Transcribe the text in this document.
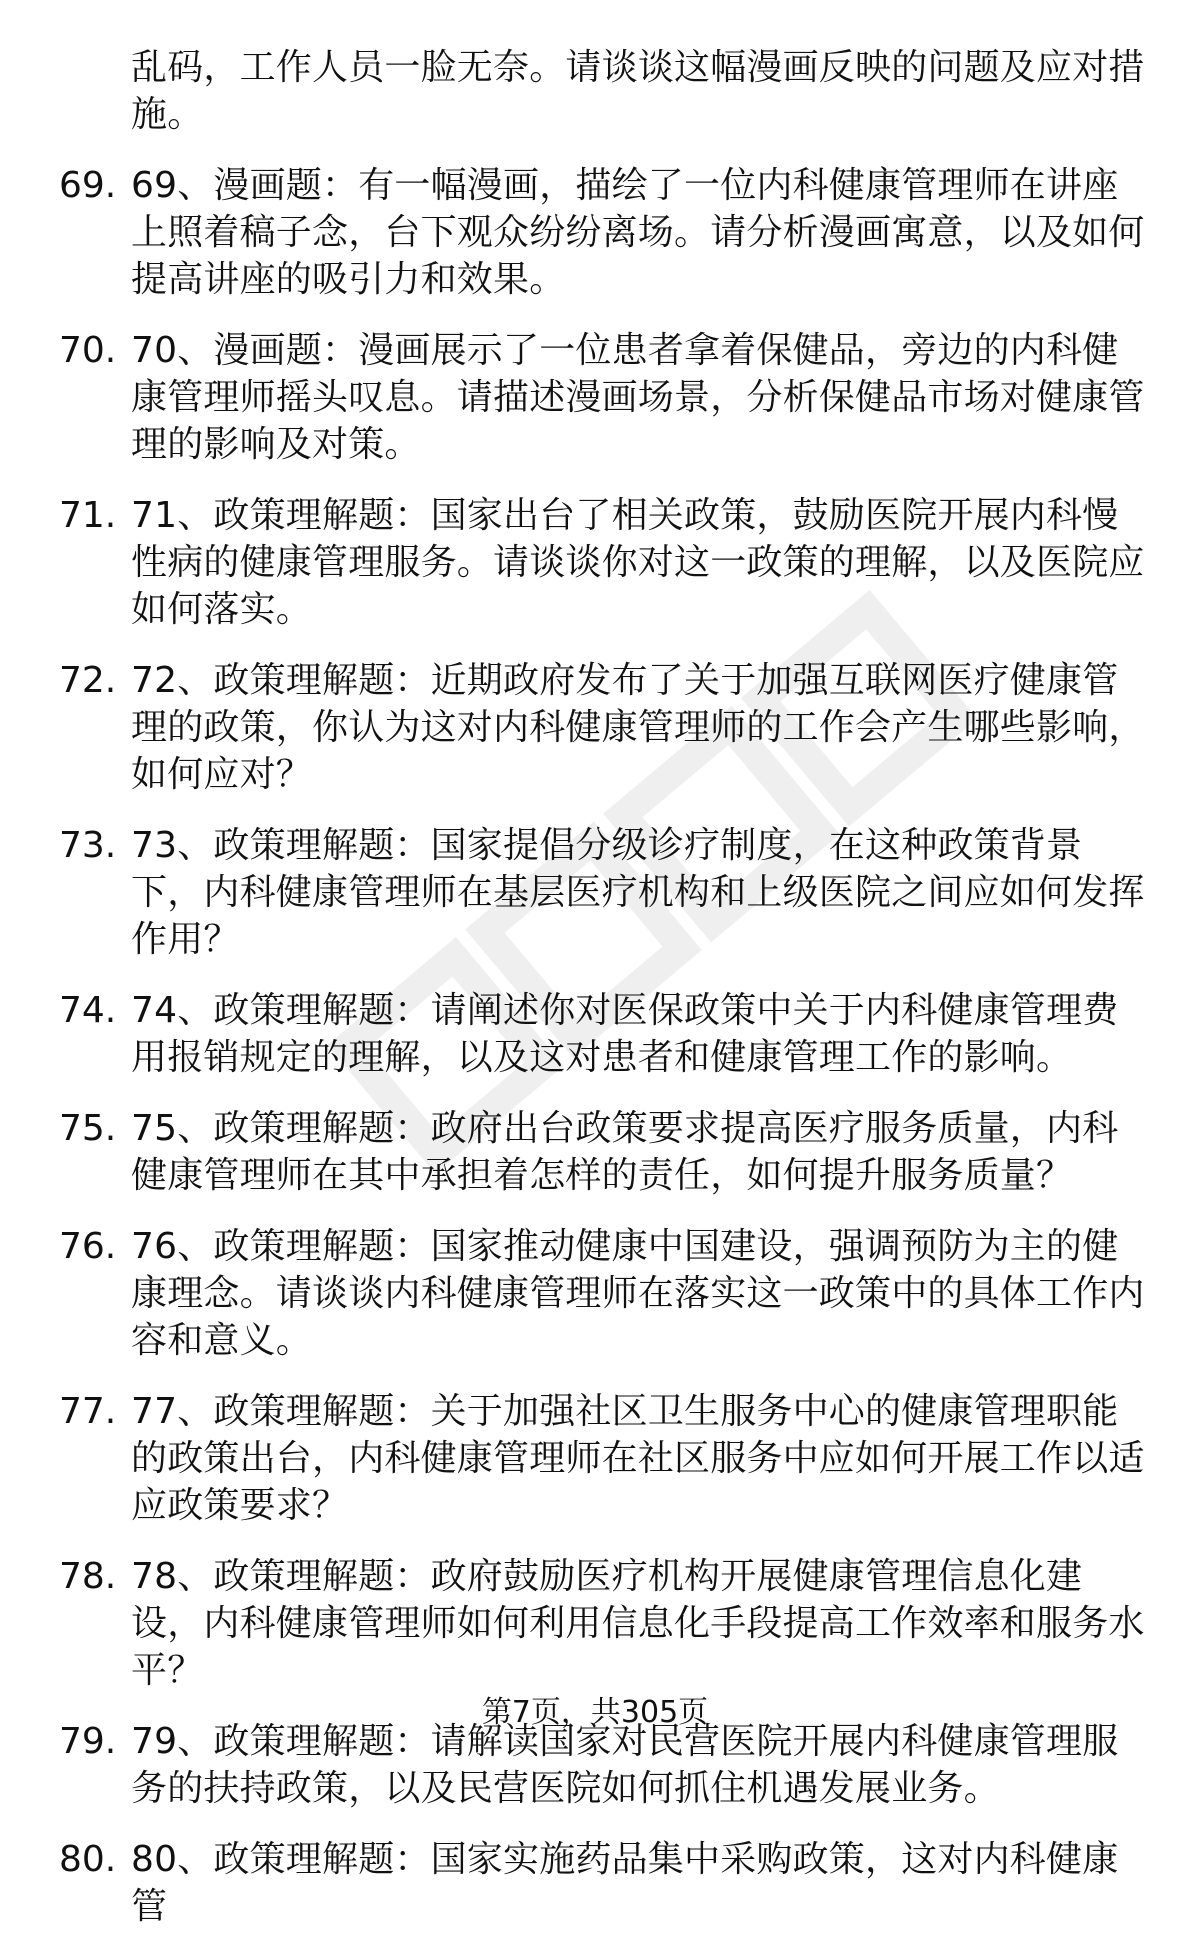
乱码，工作人员一脸无奈。请谈谈这幅漫画反映的问题及应对措施。
69. 69、漫画题：有一幅漫画，描绘了一位内科健康管理师在讲座上照着稿子念，台下观众纷纷离场。请分析漫画寓意，以及如何提高讲座的吸引力和效果。
70. 70、漫画题：漫画展示了一位患者拿着保健品，旁边的内科健康管理师摇头叹息。请描述漫画场景，分析保健品市场对健康管理的影响及对策。
71. 71、政策理解题：国家出台了相关政策，鼓励医院开展内科慢性病的健康管理服务。请谈谈你对这一政策的理解，以及医院应如何落实。
72. 72、政策理解题：近期政府发布了关于加强互联网医疗健康管理的政策，你认为这对内科健康管理师的工作会产生哪些影响，如何应对？
73. 73、政策理解题：国家提倡分级诊疗制度，在这种政策背景下，内科健康管理师在基层医疗机构和上级医院之间应如何发挥作用？
74. 74、政策理解题：请阐述你对医保政策中关于内科健康管理费用报销规定的理解，以及这对患者和健康管理工作的影响。
75. 75、政策理解题：政府出台政策要求提高医疗服务质量，内科健康管理师在其中承担着怎样的责任，如何提升服务质量？
76. 76、政策理解题：国家推动健康中国建设，强调预防为主的健康理念。请谈谈内科健康管理师在落实这一政策中的具体工作内容和意义。
77. 77、政策理解题：关于加强社区卫生服务中心的健康管理职能的政策出台，内科健康管理师在社区服务中应如何开展工作以适应政策要求？
78. 78、政策理解题：政府鼓励医疗机构开展健康管理信息化建设，内科健康管理师如何利用信息化手段提高工作效率和服务水平？
79. 79、政策理解题：请解读国家对民营医院开展内科健康管理服务的扶持政策，以及民营医院如何抓住机遇发展业务。
80. 80、政策理解题：国家实施药品集中采购政策，这对内科健康管
第7页，共305页
